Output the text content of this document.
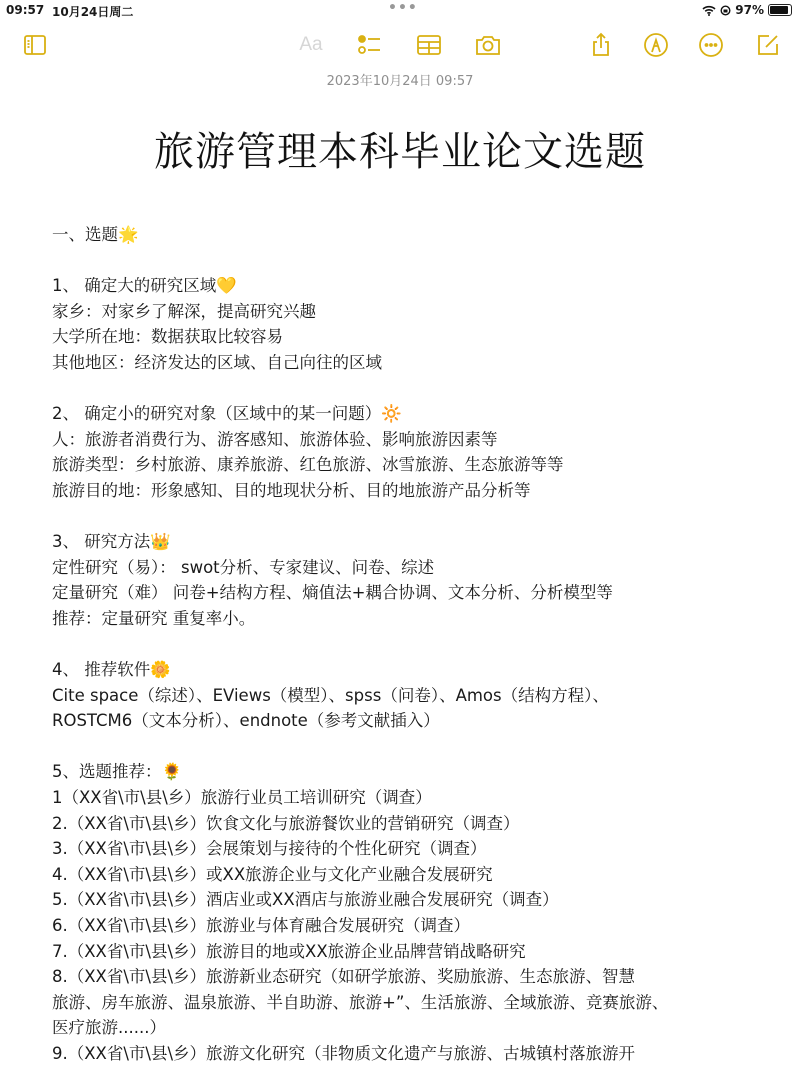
09:57 10月24日周二	•••	97%
Aa
2023年10月24日 09:57
旅游管理本科毕业论文选题
一、选题🌟
1、 确定大的研究区域💛
家乡：对家乡了解深，提高研究兴趣
大学所在地：数据获取比较容易
其他地区：经济发达的区域、自己向往的区域
2、 确定小的研究对象（区域中的某一问题）🔆
人：旅游者消费行为、游客感知、旅游体验、影响旅游因素等
旅游类型：乡村旅游、康养旅游、红色旅游、冰雪旅游、生态旅游等等
旅游目的地：形象感知、目的地现状分析、目的地旅游产品分析等
3、 研究方法👑
定性研究（易）： swot分析、专家建议、问卷、综述
定量研究（难） 问卷+结构方程、熵值法+耦合协调、文本分析、分析模型等
推荐：定量研究 重复率小。
4、 推荐软件🌼
Cite space（综述）、EViews（模型）、spss（问卷）、Amos（结构方程）、
ROSTCM6（文本分析）、endnote（参考文献插入）
5、选题推荐：🌻
1（XX省\市\县\乡）旅游行业员工培训研究（调查）
2.（XX省\市\县\乡）饮食文化与旅游餐饮业的营销研究（调查）
3.（XX省\市\县\乡）会展策划与接待的个性化研究（调查）
4.（XX省\市\县\乡）或XX旅游企业与文化产业融合发展研究
5.（XX省\市\县\乡）酒店业或XX酒店与旅游业融合发展研究（调查）
6.（XX省\市\县\乡）旅游业与体育融合发展研究（调查）
7.（XX省\市\县\乡）旅游目的地或XX旅游企业品牌营销战略研究
8.（XX省\市\县\乡）旅游新业态研究（如研学旅游、奖励旅游、生态旅游、智慧
旅游、房车旅游、温泉旅游、半自助游、旅游+”、生活旅游、全域旅游、竞赛旅游、
医疗旅游......）
9.（XX省\市\县\乡）旅游文化研究（非物质文化遗产与旅游、古城镇村落旅游开
